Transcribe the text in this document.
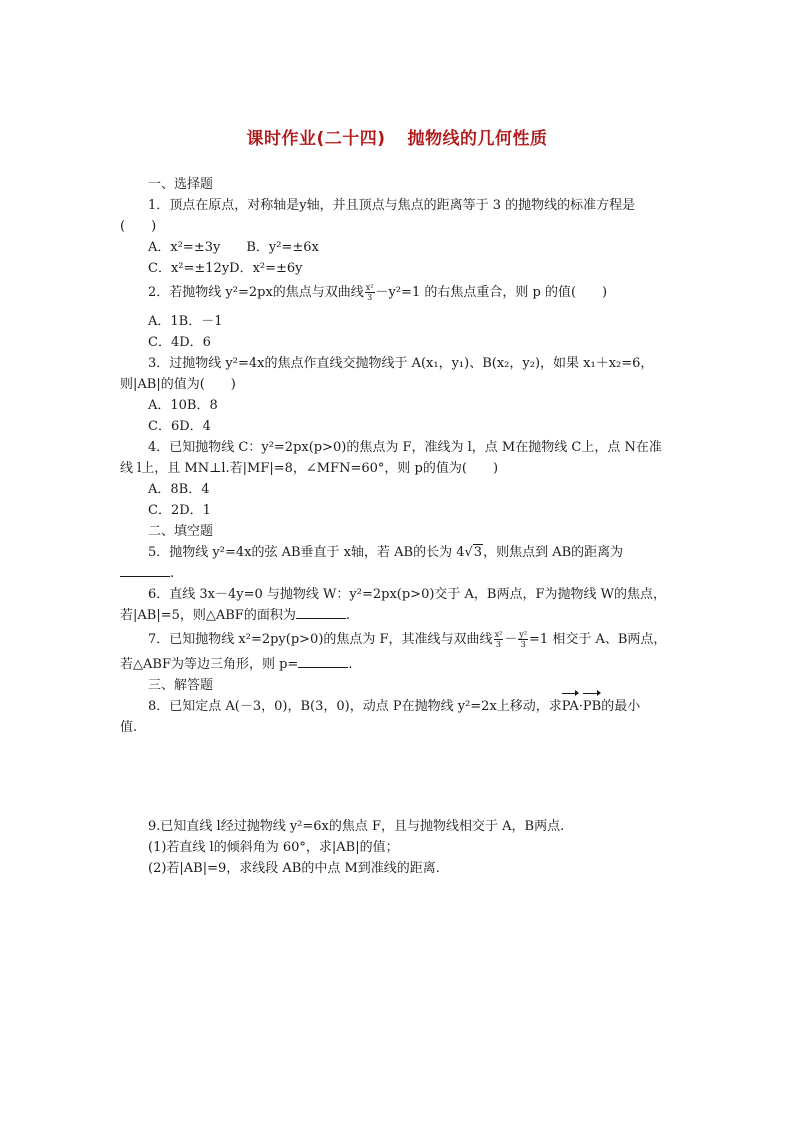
课时作业(二十四) 抛物线的几何性质
一、选择题
1．顶点在原点，对称轴是y轴，并且顶点与焦点的距离等于 3 的抛物线的标准方程是
(　　)
A．x²=±3y　　B．y²=±6x
C．x²=±12yD．x²=±6y
2．若抛物线 y²=2px的焦点与双曲线 $\frac{\text{x²}}{3} -y^2=1$ 的右焦点重合，则 p 的值(　　)
A．1B．－1
C．4D．6
3．过抛物线 y²=4x的焦点作直线交抛物线于 A(x₁，y₁)、B(x₂，y₂)，如果 x₁＋x₂=6，
则|AB|的值为(　　)
A．10B．8
C．6D．4
4．已知抛物线 C：y²=2px(p>0)的焦点为 F，准线为 l，点 M在抛物线 C上，点 N在准
线 l上，且 MN⊥l.若|MF|=8，∠MFN=60°，则 p的值为(　　)
A．8B．4
C．2D．1
二、填空题
5．抛物线 y²=4x的弦 AB垂直于 x轴，若 AB的长为 4√3，则焦点到 AB的距离为
.
6．直线 3x－4y=0 与抛物线 W：y²=2px(p>0)交于 A，B两点，F为抛物线 W的焦点，
若|AB|=5，则△ABF的面积为	.
7．已知抛物线 x²=2py(p>0)的焦点为 F，其准线与双曲线 $\frac{\text{x²}}{3} - \frac{\text{y²}}{3} =1$ 相交于 A、B两点，
若△ABF为等边三角形，则 p=	.
三、解答题
8．已知定点 A(－3，0)，B(3，0)，动点 P在抛物线 y²=2x上移动，求PA·PB的最小
值.
9.已知直线 l经过抛物线 y²=6x的焦点 F，且与抛物线相交于 A，B两点.
(1)若直线 l的倾斜角为 60°，求|AB|的值；
(2)若|AB|=9，求线段 AB的中点 M到准线的距离.
